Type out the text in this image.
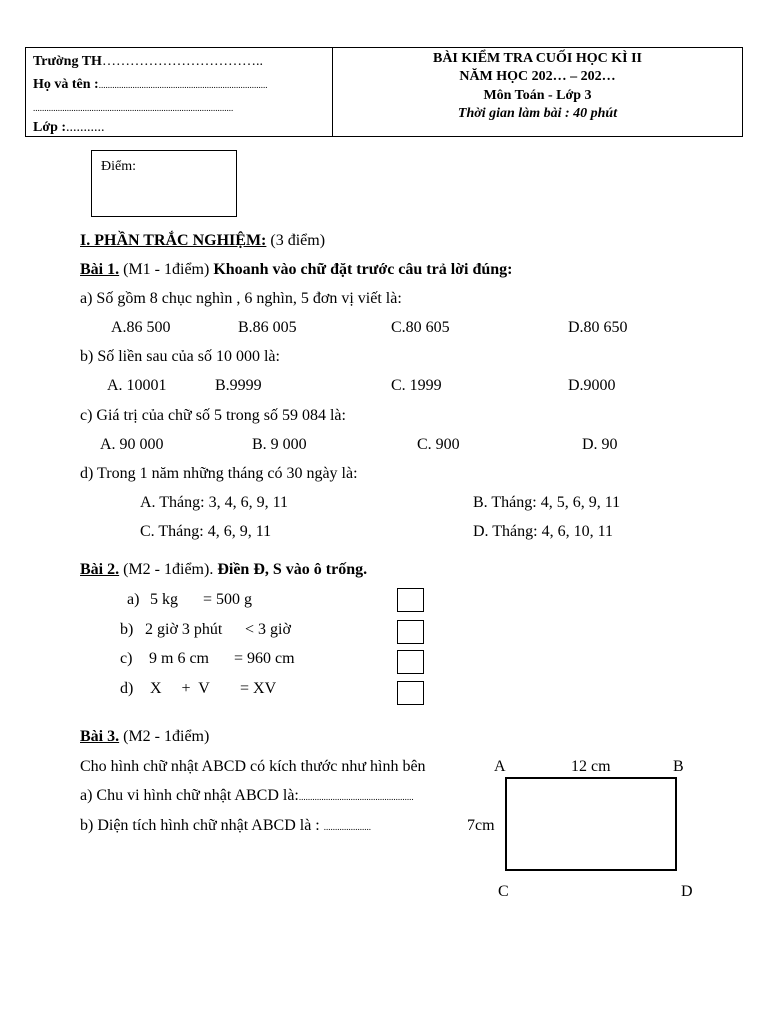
Trường TH……………………………..
Họ và tên :...........................................................................
.........................................................................................
Lớp :...........
BÀI KIỂM TRA CUỐI HỌC KÌ II
NĂM HỌC 202… – 202…
Môn Toán - Lớp 3
Thời gian làm bài : 40 phút
Điểm:
I. PHẦN TRẮC NGHIỆM: (3 điểm)
Bài 1. (M1 - 1điểm) Khoanh vào chữ đặt trước câu trả lời đúng:
a) Số gồm 8 chục nghìn , 6 nghìn, 5 đơn vị viết là:
A.86 500	B.86 005	C.80 605	D.80 650
b) Số liền sau của số 10 000 là:
A. 10001	B.9999	C. 1999	D.9000
c) Giá trị của chữ số 5 trong số 59 084 là:
A. 90 000	B. 9 000	C. 900	D. 90
d) Trong 1 năm những tháng có 30 ngày là:
A. Tháng: 3, 4, 6, 9, 11	B. Tháng: 4, 5, 6, 9, 11
C. Tháng: 4, 6, 9, 11	D. Tháng: 4, 6, 10, 11
Bài 2. (M2 - 1điểm). Điền Đ, S vào ô trống.
a) 5 kg = 500 g
b) 2 giờ 3 phút < 3 giờ
c) 9 m 6 cm = 960 cm
d) X     +  V = XV
Bài 3. (M2 - 1điểm)
Cho hình chữ nhật ABCD có kích thước như hình bên
a) Chu vi hình chữ nhật ABCD là:...................................................
b) Diện tích hình chữ nhật ABCD là : .....................
A	12 cm	B
7cm
C	D
